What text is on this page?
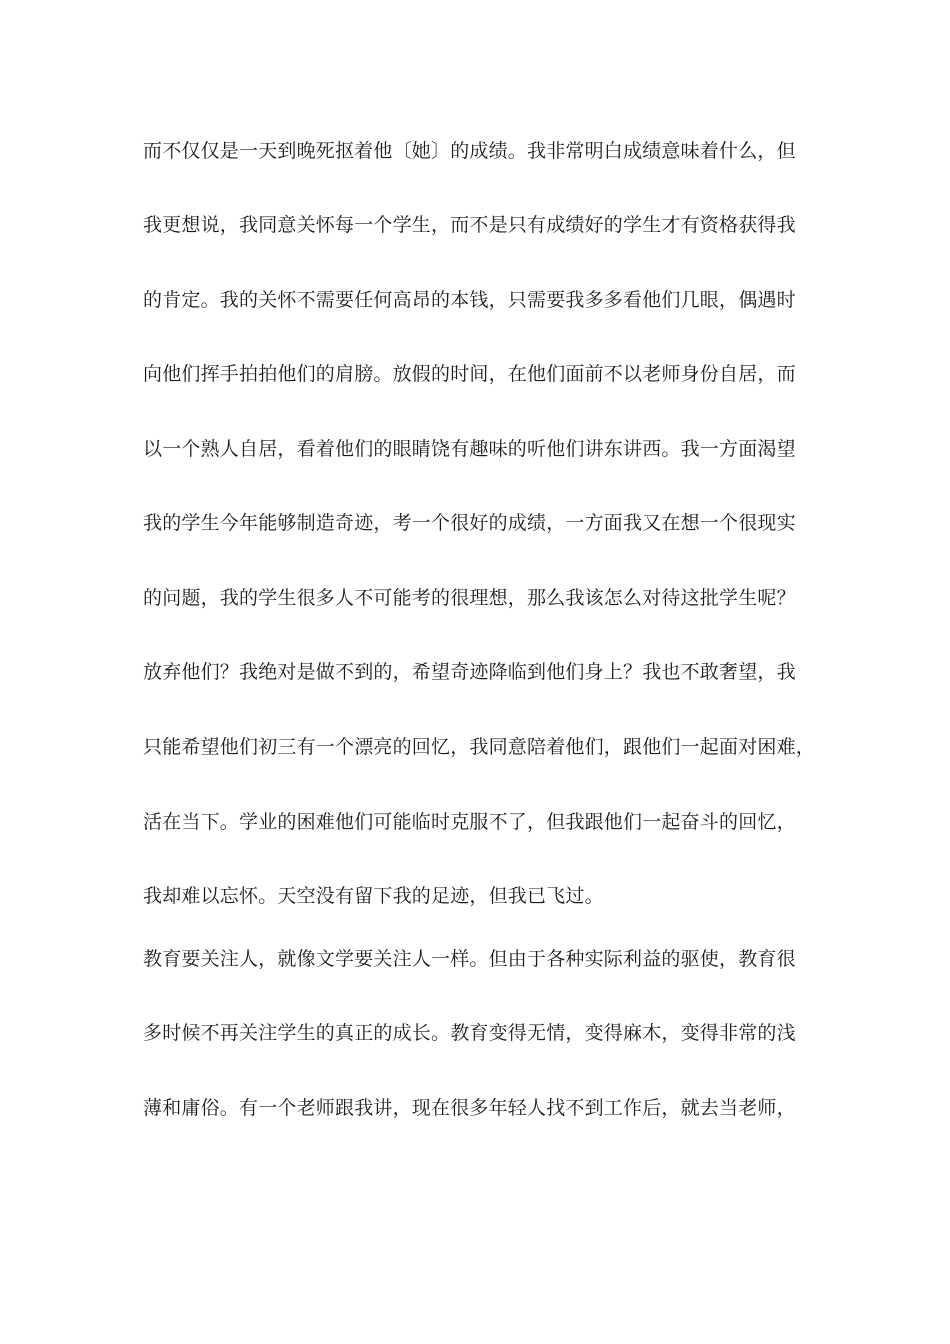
而不仅仅是一天到晚死抠着他〔她〕的成绩。我非常明白成绩意味着什么，但
我更想说，我同意关怀每一个学生，而不是只有成绩好的学生才有资格获得我
的肯定。我的关怀不需要任何高昂的本钱，只需要我多多看他们几眼，偶遇时
向他们挥手拍拍他们的肩膀。放假的时间，在他们面前不以老师身份自居，而
以一个熟人自居，看着他们的眼睛饶有趣味的听他们讲东讲西。我一方面渴望
我的学生今年能够制造奇迹，考一个很好的成绩，一方面我又在想一个很现实
的问题，我的学生很多人不可能考的很理想，那么我该怎么对待这批学生呢？
放弃他们？我绝对是做不到的，希望奇迹降临到他们身上？我也不敢奢望，我
只能希望他们初三有一个漂亮的回忆，我同意陪着他们，跟他们一起面对困难，
活在当下。学业的困难他们可能临时克服不了，但我跟他们一起奋斗的回忆，
我却难以忘怀。天空没有留下我的足迹，但我已飞过。
教育要关注人，就像文学要关注人一样。但由于各种实际利益的驱使，教育很
多时候不再关注学生的真正的成长。教育变得无情，变得麻木，变得非常的浅
薄和庸俗。有一个老师跟我讲，现在很多年轻人找不到工作后，就去当老师，
